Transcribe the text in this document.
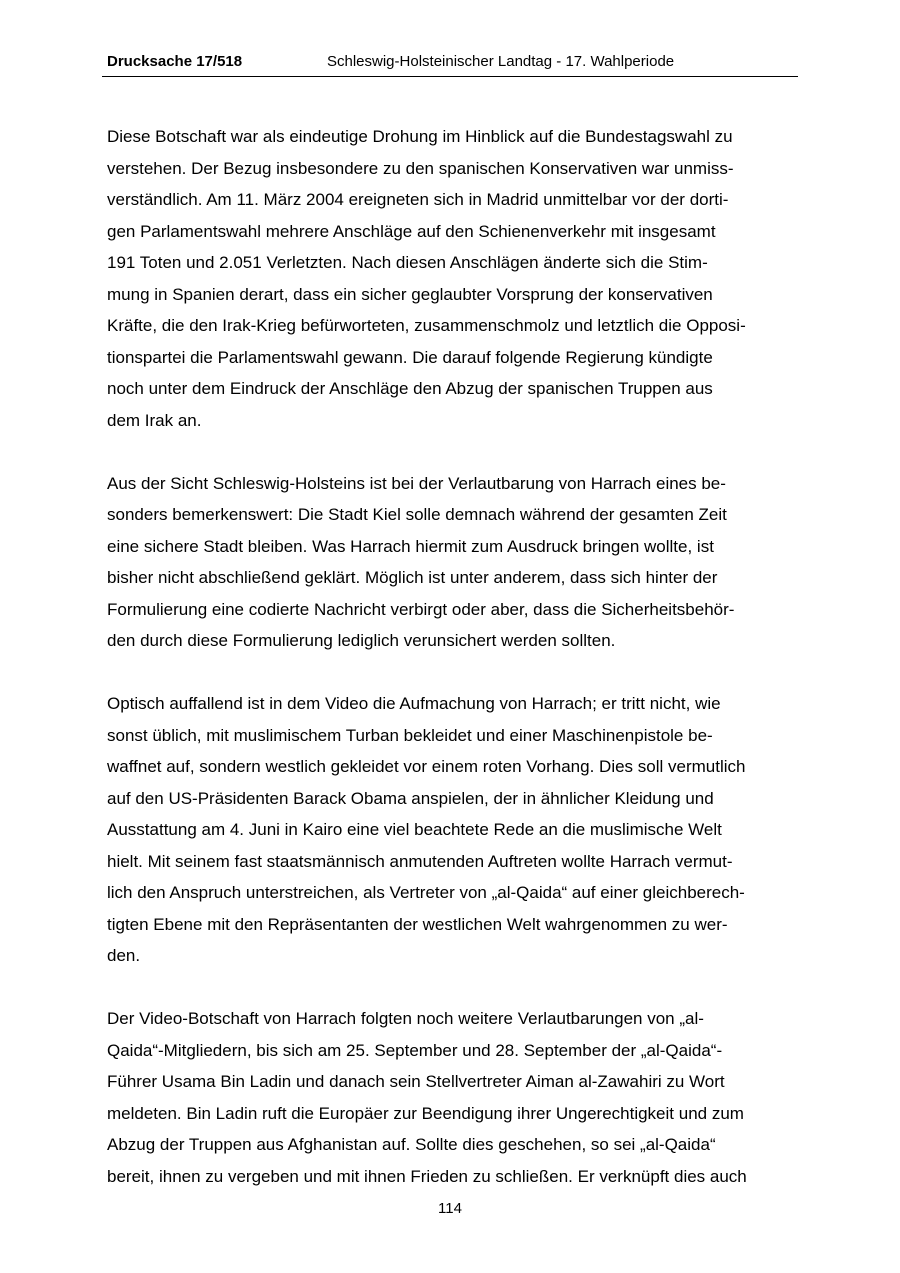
Drucksache 17/518	Schleswig-Holsteinischer Landtag - 17. Wahlperiode
Diese Botschaft war als eindeutige Drohung im Hinblick auf die Bundestagswahl zu
verstehen. Der Bezug insbesondere zu den spanischen Konservativen war unmiss-
verständlich. Am 11. März 2004 ereigneten sich in Madrid unmittelbar vor der dorti-
gen Parlamentswahl mehrere Anschläge auf den Schienenverkehr mit insgesamt
191 Toten und 2.051 Verletzten. Nach diesen Anschlägen änderte sich die Stim-
mung in Spanien derart, dass ein sicher geglaubter Vorsprung der konservativen
Kräfte, die den Irak-Krieg befürworteten, zusammenschmolz und letztlich die Opposi-
tionspartei die Parlamentswahl gewann. Die darauf folgende Regierung kündigte
noch unter dem Eindruck der Anschläge den Abzug der spanischen Truppen aus
dem Irak an.
Aus der Sicht Schleswig-Holsteins ist bei der Verlautbarung von Harrach eines be-
sonders bemerkenswert: Die Stadt Kiel solle demnach während der gesamten Zeit
eine sichere Stadt bleiben. Was Harrach hiermit zum Ausdruck bringen wollte, ist
bisher nicht abschließend geklärt. Möglich ist unter anderem, dass sich hinter der
Formulierung eine codierte Nachricht verbirgt oder aber, dass die Sicherheitsbehör-
den durch diese Formulierung lediglich verunsichert werden sollten.
Optisch auffallend ist in dem Video die Aufmachung von Harrach; er tritt nicht, wie
sonst üblich, mit muslimischem Turban bekleidet und einer Maschinenpistole be-
waffnet auf, sondern westlich gekleidet vor einem roten Vorhang. Dies soll vermutlich
auf den US-Präsidenten Barack Obama anspielen, der in ähnlicher Kleidung und
Ausstattung am 4. Juni in Kairo eine viel beachtete Rede an die muslimische Welt
hielt. Mit seinem fast staatsmännisch anmutenden Auftreten wollte Harrach vermut-
lich den Anspruch unterstreichen, als Vertreter von „al-Qaida“ auf einer gleichberech-
tigten Ebene mit den Repräsentanten der westlichen Welt wahrgenommen zu wer-
den.
Der Video-Botschaft von Harrach folgten noch weitere Verlautbarungen von „al-
Qaida“-Mitgliedern, bis sich am 25. September und 28. September der „al-Qaida“-
Führer Usama Bin Ladin und danach sein Stellvertreter Aiman al-Zawahiri zu Wort
meldeten. Bin Ladin ruft die Europäer zur Beendigung ihrer Ungerechtigkeit und zum
Abzug der Truppen aus Afghanistan auf. Sollte dies geschehen, so sei „al-Qaida“
bereit, ihnen zu vergeben und mit ihnen Frieden zu schließen. Er verknüpft dies auch
114
